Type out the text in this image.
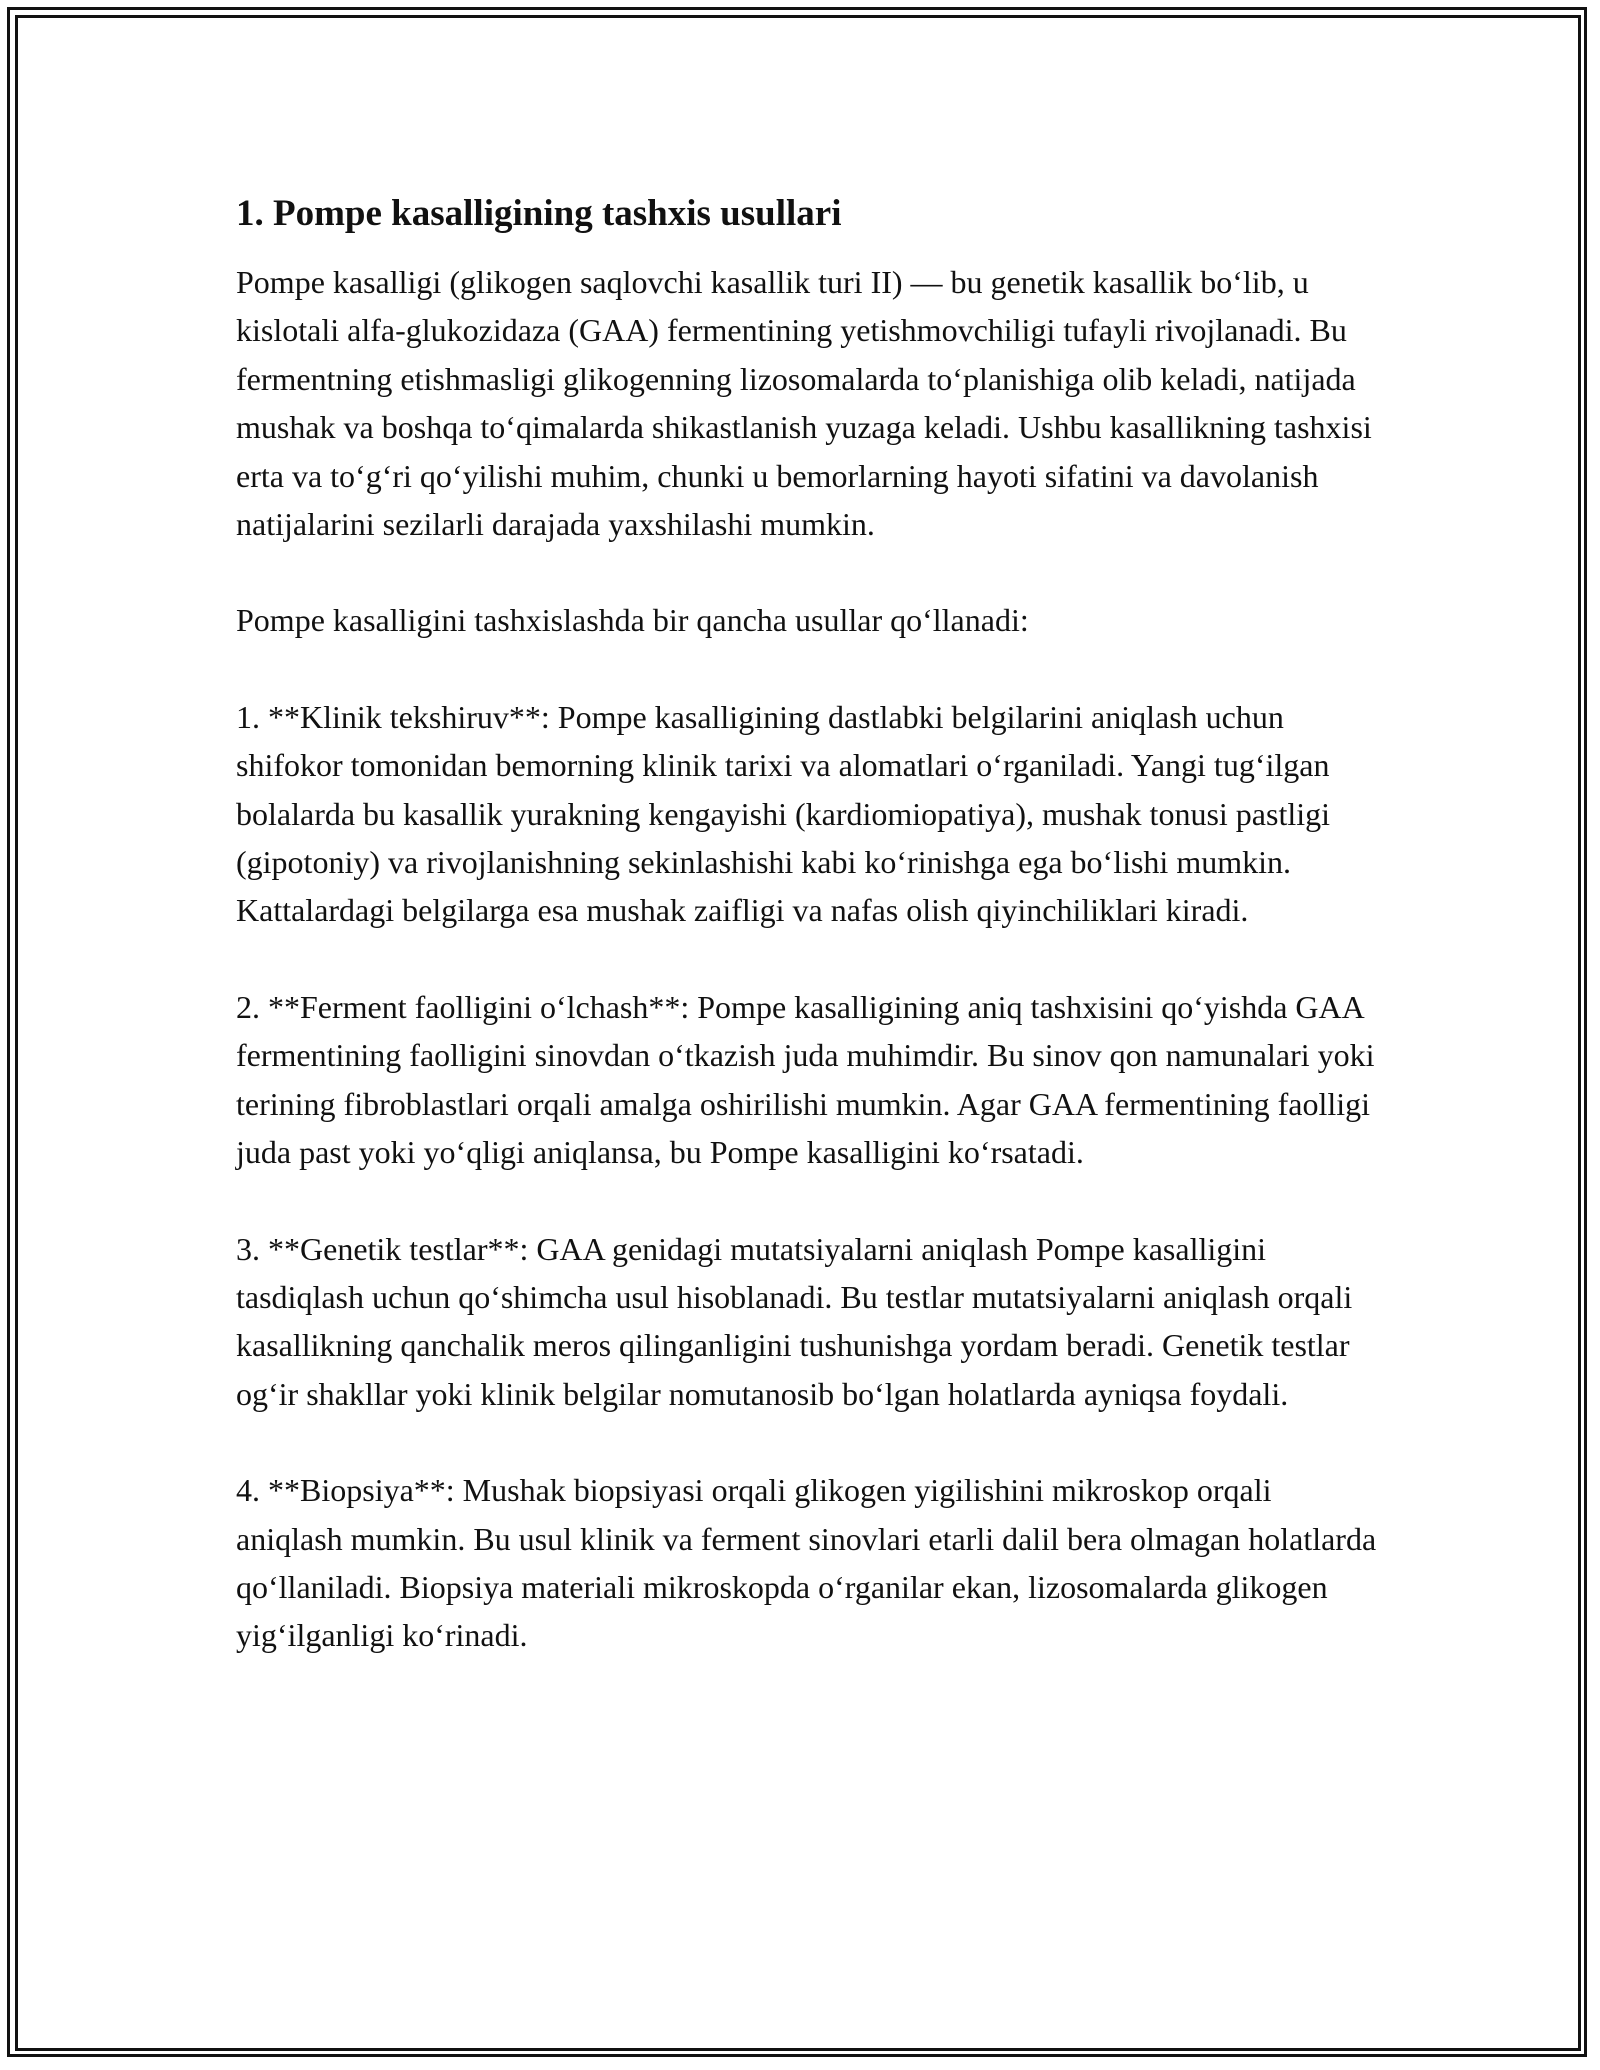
1. Pompe kasalligining tashxis usullari

Pompe kasalligi (glikogen saqlovchi kasallik turi II) — bu genetik kasallik bo‘lib, u kislotali alfa-glukozidaza (GAA) fermentining yetishmovchiligi tufayli rivojlanadi. Bu fermentning etishmasligi glikogenning lizosomalarda to‘planishiga olib keladi, natijada mushak va boshqa to‘qimalarda shikastlanish yuzaga keladi. Ushbu kasallikning tashxisi erta va to‘g‘ri qo‘yilishi muhim, chunki u bemorlarning hayoti sifatini va davolanish natijalarini sezilarli darajada yaxshilashi mumkin.

Pompe kasalligini tashxislashda bir qancha usullar qo‘llanadi:

1. **Klinik tekshiruv**: Pompe kasalligining dastlabki belgilarini aniqlash uchun shifokor tomonidan bemorning klinik tarixi va alomatlari o‘rganiladi. Yangi tug‘ilgan bolalarda bu kasallik yurakning kengayishi (kardiomiopatiya), mushak tonusi pastligi (gipotoniy) va rivojlanishning sekinlashishi kabi ko‘rinishga ega bo‘lishi mumkin. Kattalardagi belgilarga esa mushak zaifligi va nafas olish qiyinchiliklari kiradi.

2. **Ferment faolligini o‘lchash**: Pompe kasalligining aniq tashxisini qo‘yishda GAA fermentining faolligini sinovdan o‘tkazish juda muhimdir. Bu sinov qon namunalari yoki terining fibroblastlari orqali amalga oshirilishi mumkin. Agar GAA fermentining faolligi juda past yoki yo‘qligi aniqlansa, bu Pompe kasalligini ko‘rsatadi.

3. **Genetik testlar**: GAA genidagi mutatsiyalarni aniqlash Pompe kasalligini tasdiqlash uchun qo‘shimcha usul hisoblanadi. Bu testlar mutatsiyalarni aniqlash orqali kasallikning qanchalik meros qilinganligini tushunishga yordam beradi. Genetik testlar og‘ir shakllar yoki klinik belgilar nomutanosib bo‘lgan holatlarda ayniqsa foydali.

4. **Biopsiya**: Mushak biopsiyasi orqali glikogen yigilishini mikroskop orqali aniqlash mumkin. Bu usul klinik va ferment sinovlari etarli dalil bera olmagan holatlarda qo‘llaniladi. Biopsiya materiali mikroskopda o‘rganilar ekan, lizosomalarda glikogen yig‘ilganligi ko‘rinadi.
